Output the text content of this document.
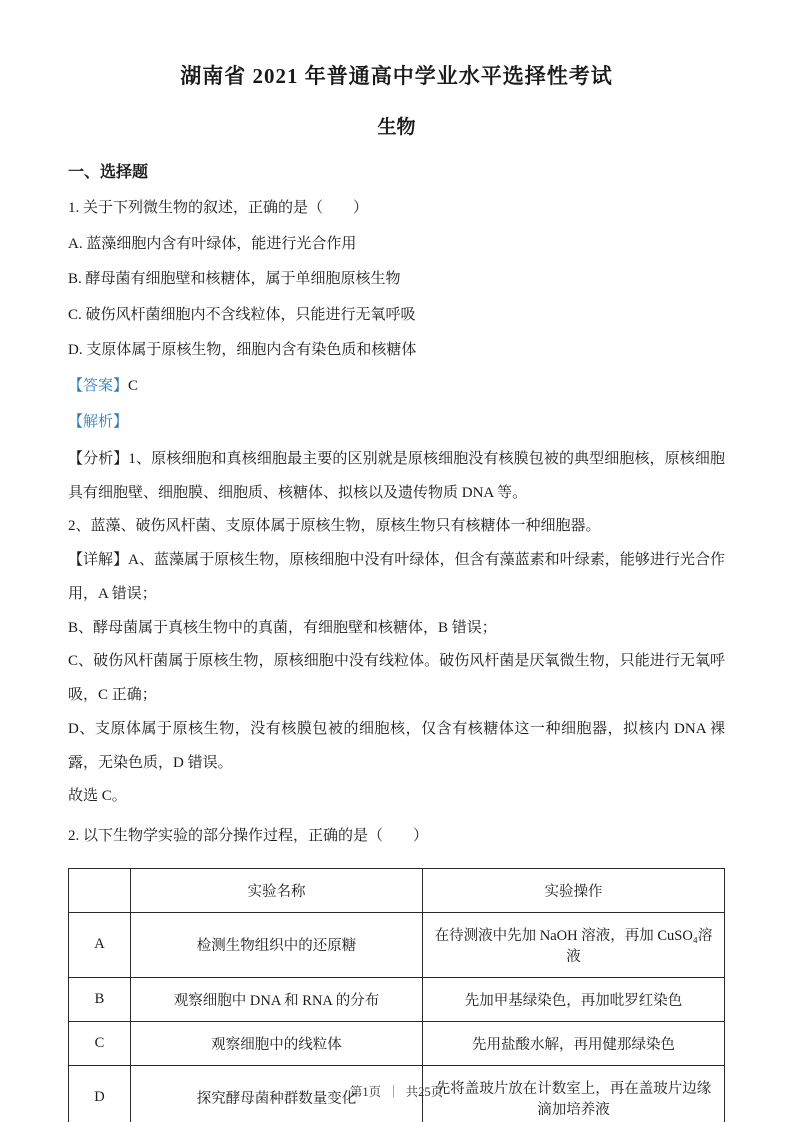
湖南省 2021 年普通高中学业水平选择性考试
生物
一、选择题
1. 关于下列微生物的叙述，正确的是（　　）
A. 蓝藻细胞内含有叶绿体，能进行光合作用
B. 酵母菌有细胞壁和核糖体，属于单细胞原核生物
C. 破伤风杆菌细胞内不含线粒体，只能进行无氧呼吸
D. 支原体属于原核生物，细胞内含有染色质和核糖体
【答案】C
【解析】
【分析】1、原核细胞和真核细胞最主要的区别就是原核细胞没有核膜包被的典型细胞核，原核细胞具有细胞壁、细胞膜、细胞质、核糖体、拟核以及遗传物质 DNA 等。
2、蓝藻、破伤风杆菌、支原体属于原核生物，原核生物只有核糖体一种细胞器。
【详解】A、蓝藻属于原核生物，原核细胞中没有叶绿体，但含有藻蓝素和叶绿素，能够进行光合作用，A 错误；
B、酵母菌属于真核生物中的真菌，有细胞壁和核糖体，B 错误；
C、破伤风杆菌属于原核生物，原核细胞中没有线粒体。破伤风杆菌是厌氧微生物，只能进行无氧呼吸，C 正确；
D、支原体属于原核生物，没有核膜包被的细胞核，仅含有核糖体这一种细胞器，拟核内 DNA 裸露，无染色质，D 错误。
故选 C。
2. 以下生物学实验的部分操作过程，正确的是（　　）
	实验名称	实验操作
A	检测生物组织中的还原糖	在待测液中先加 NaOH 溶液，再加 CuSO₄溶液
B	观察细胞中 DNA 和 RNA 的分布	先加甲基绿染色，再加吡罗红染色
C	观察细胞中的线粒体	先用盐酸水解，再用健那绿染色
D	探究酵母菌种群数量变化	先将盖玻片放在计数室上，再在盖玻片边缘滴加培养液
第1页 ｜ 共25页
